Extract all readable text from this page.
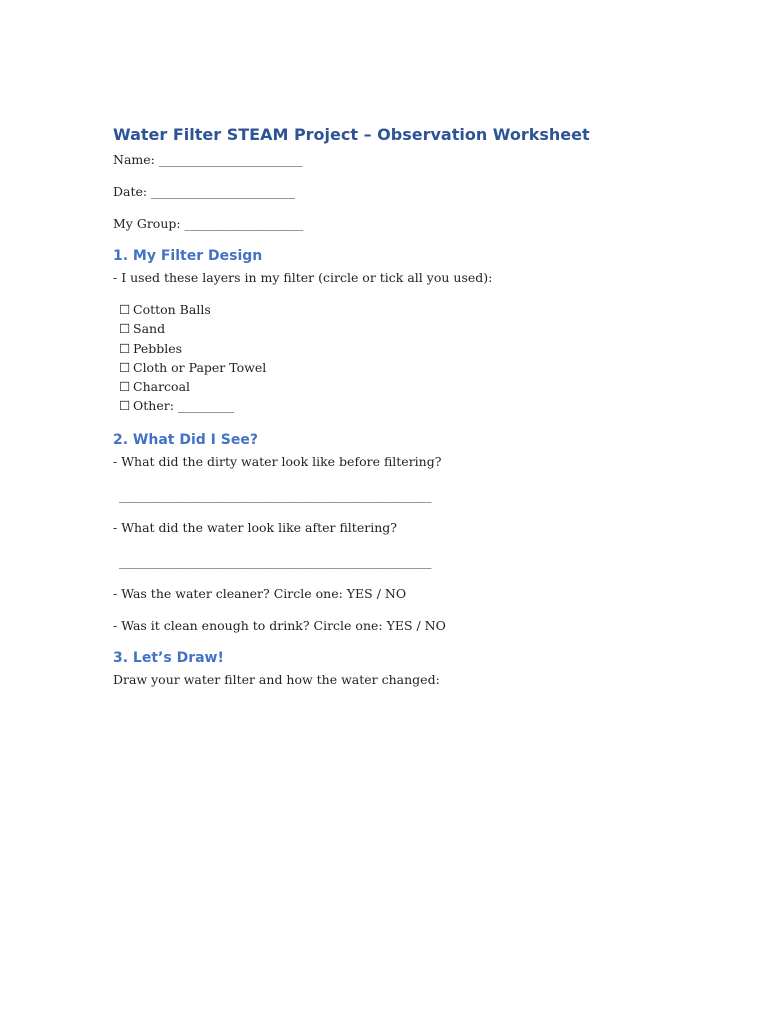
Water Filter STEAM Project – Observation Worksheet

Name: _______________________

Date: _______________________

My Group: ___________________

1. My Filter Design

- I used these layers in my filter (circle or tick all you used):

☐ Cotton Balls
☐ Sand
☐ Pebbles
☐ Cloth or Paper Towel
☐ Charcoal
☐ Other: _________
2. What Did I See?

- What did the dirty water look like before filtering?

__________________________________________________

- What did the water look like after filtering?

__________________________________________________

- Was the water cleaner? Circle one: YES / NO

- Was it clean enough to drink? Circle one: YES / NO

3. Let’s Draw!

Draw your water filter and how the water changed:
